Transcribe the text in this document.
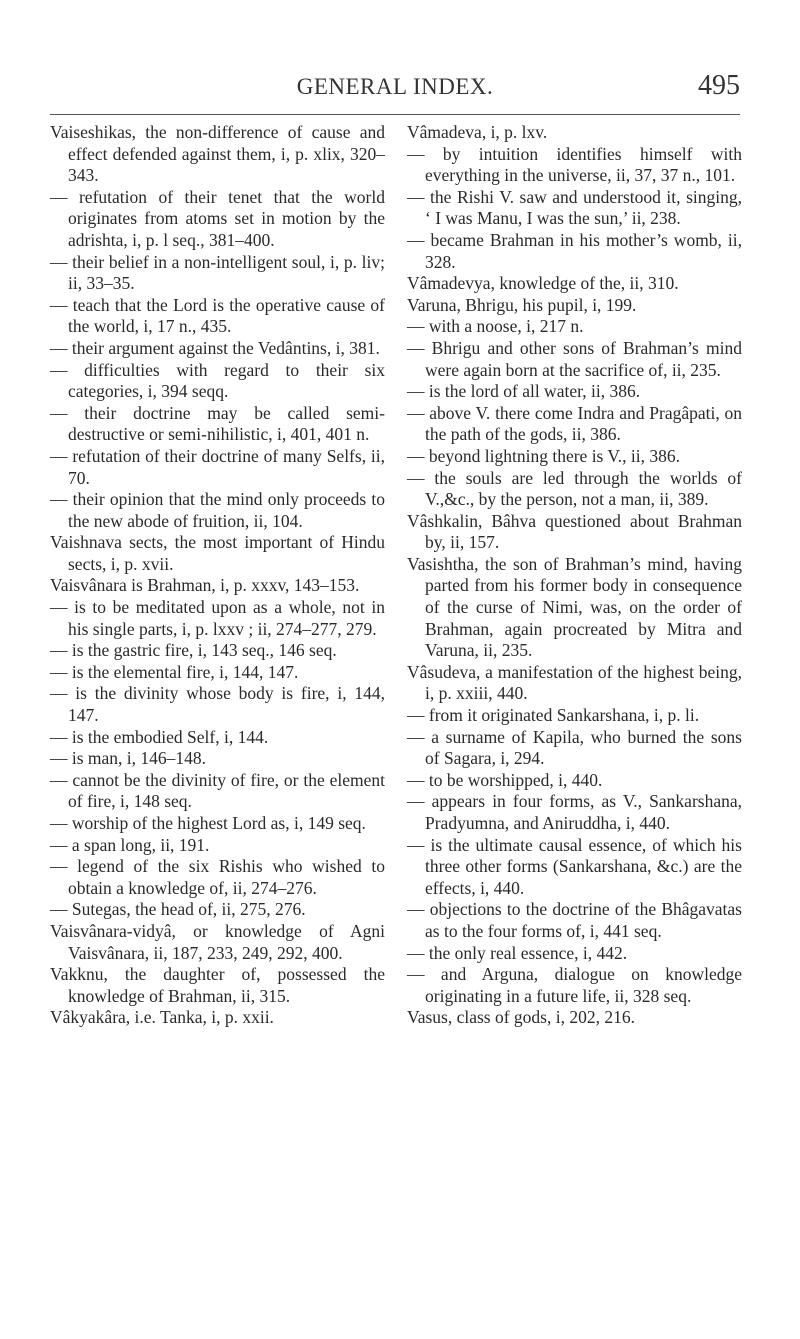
GENERAL INDEX.	495

Vaiseshikas, the non-difference of cause and effect defended against them, i, p. xlix, 320–343.

— refutation of their tenet that the world originates from atoms set in motion by the adrishta, i, p. l seq., 381–400.

— their belief in a non-intelligent soul, i, p. liv; ii, 33–35.

— teach that the Lord is the operative cause of the world, i, 17 n., 435.

— their argument against the Vedântins, i, 381.

— difficulties with regard to their six categories, i, 394 seqq.

— their doctrine may be called semi-destructive or semi-nihilistic, i, 401, 401 n.

— refutation of their doctrine of many Selfs, ii, 70.

— their opinion that the mind only proceeds to the new abode of fruition, ii, 104.

Vaishnava sects, the most important of Hindu sects, i, p. xvii.

Vaisvânara is Brahman, i, p. xxxv, 143–153.

— is to be meditated upon as a whole, not in his single parts, i, p. lxxv ; ii, 274–277, 279.

— is the gastric fire, i, 143 seq., 146 seq.

— is the elemental fire, i, 144, 147.

— is the divinity whose body is fire, i, 144, 147.

— is the embodied Self, i, 144.

— is man, i, 146–148.

— cannot be the divinity of fire, or the element of fire, i, 148 seq.

— worship of the highest Lord as, i, 149 seq.

— a span long, ii, 191.

— legend of the six Rishis who wished to obtain a knowledge of, ii, 274–276.

— Sutegas, the head of, ii, 275, 276.

Vaisvânara-vidyâ, or knowledge of Agni Vaisvânara, ii, 187, 233, 249, 292, 400.

Vakknu, the daughter of, possessed the knowledge of Brahman, ii, 315.

Vâkyakâra, i.e. Tanka, i, p. xxii.

Vâmadeva, i, p. lxv.

— by intuition identifies himself with everything in the universe, ii, 37, 37 n., 101.

— the Rishi V. saw and understood it, singing, ‘ I was Manu, I was the sun,’ ii, 238.

— became Brahman in his mother’s womb, ii, 328.

Vâmadevya, knowledge of the, ii, 310.

Varuna, Bhrigu, his pupil, i, 199.

— with a noose, i, 217 n.

— Bhrigu and other sons of Brahman’s mind were again born at the sacrifice of, ii, 235.

— is the lord of all water, ii, 386.

— above V. there come Indra and Pragâpati, on the path of the gods, ii, 386.

— beyond lightning there is V., ii, 386.

— the souls are led through the worlds of V.,&c., by the person, not a man, ii, 389.

Vâshkalin, Bâhva questioned about Brahman by, ii, 157.

Vasishtha, the son of Brahman’s mind, having parted from his former body in consequence of the curse of Nimi, was, on the order of Brahman, again procreated by Mitra and Varuna, ii, 235.

Vâsudeva, a manifestation of the highest being, i, p. xxiii, 440.

— from it originated Sankarshana, i, p. li.

— a surname of Kapila, who burned the sons of Sagara, i, 294.

— to be worshipped, i, 440.

— appears in four forms, as V., Sankarshana, Pradyumna, and Aniruddha, i, 440.

— is the ultimate causal essence, of which his three other forms (Sankarshana, &c.) are the effects, i, 440.

— objections to the doctrine of the Bhâgavatas as to the four forms of, i, 441 seq.

— the only real essence, i, 442.

— and Arguna, dialogue on knowledge originating in a future life, ii, 328 seq.

Vasus, class of gods, i, 202, 216.
